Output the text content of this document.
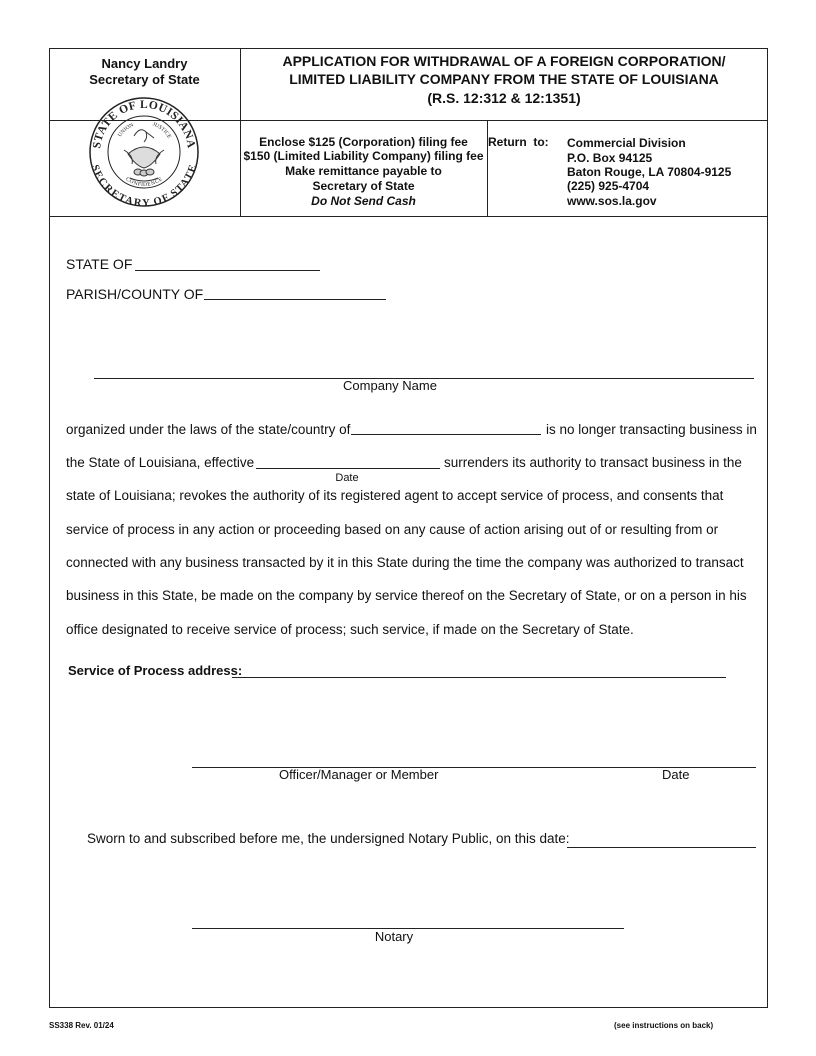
Nancy Landry
Secretary of State
STATE OF LOUISIANA
SECRETARY OF STATE
UNION	JUSTICE
CONFIDENCE
APPLICATION FOR WITHDRAWAL OF A FOREIGN CORPORATION/
LIMITED LIABILITY COMPANY FROM THE STATE OF LOUISIANA
(R.S. 12:312 & 12:1351)
Enclose $125 (Corporation) filing fee
$150 (Limited Liability Company) filing fee
Make remittance payable to
Secretary of State
Do Not Send Cash
Return  to: Commercial Division
P.O. Box 94125
Baton Rouge, LA 70804-9125
(225) 925-4704
www.sos.la.gov
STATE OF
PARISH/COUNTY OF
Company Name
organized under the laws of the state/country of	is no longer transacting business in
the State of Louisiana, effective	surrenders its authority to transact business in the
Date
state of Louisiana; revokes the authority of its registered agent to accept service of process, and consents that
service of process in any action or proceeding based on any cause of action arising out of or resulting from or
connected with any business transacted by it in this State during the time the company was authorized to transact
business in this State, be made on the company by service thereof on the Secretary of State, or on a person in his
office designated to receive service of process; such service, if made on the Secretary of State.
Service of Process address:
Officer/Manager or Member	Date
Sworn to and subscribed before me, the undersigned Notary Public, on this date:
Notary
SS338 Rev. 01/24	(see instructions on back)
